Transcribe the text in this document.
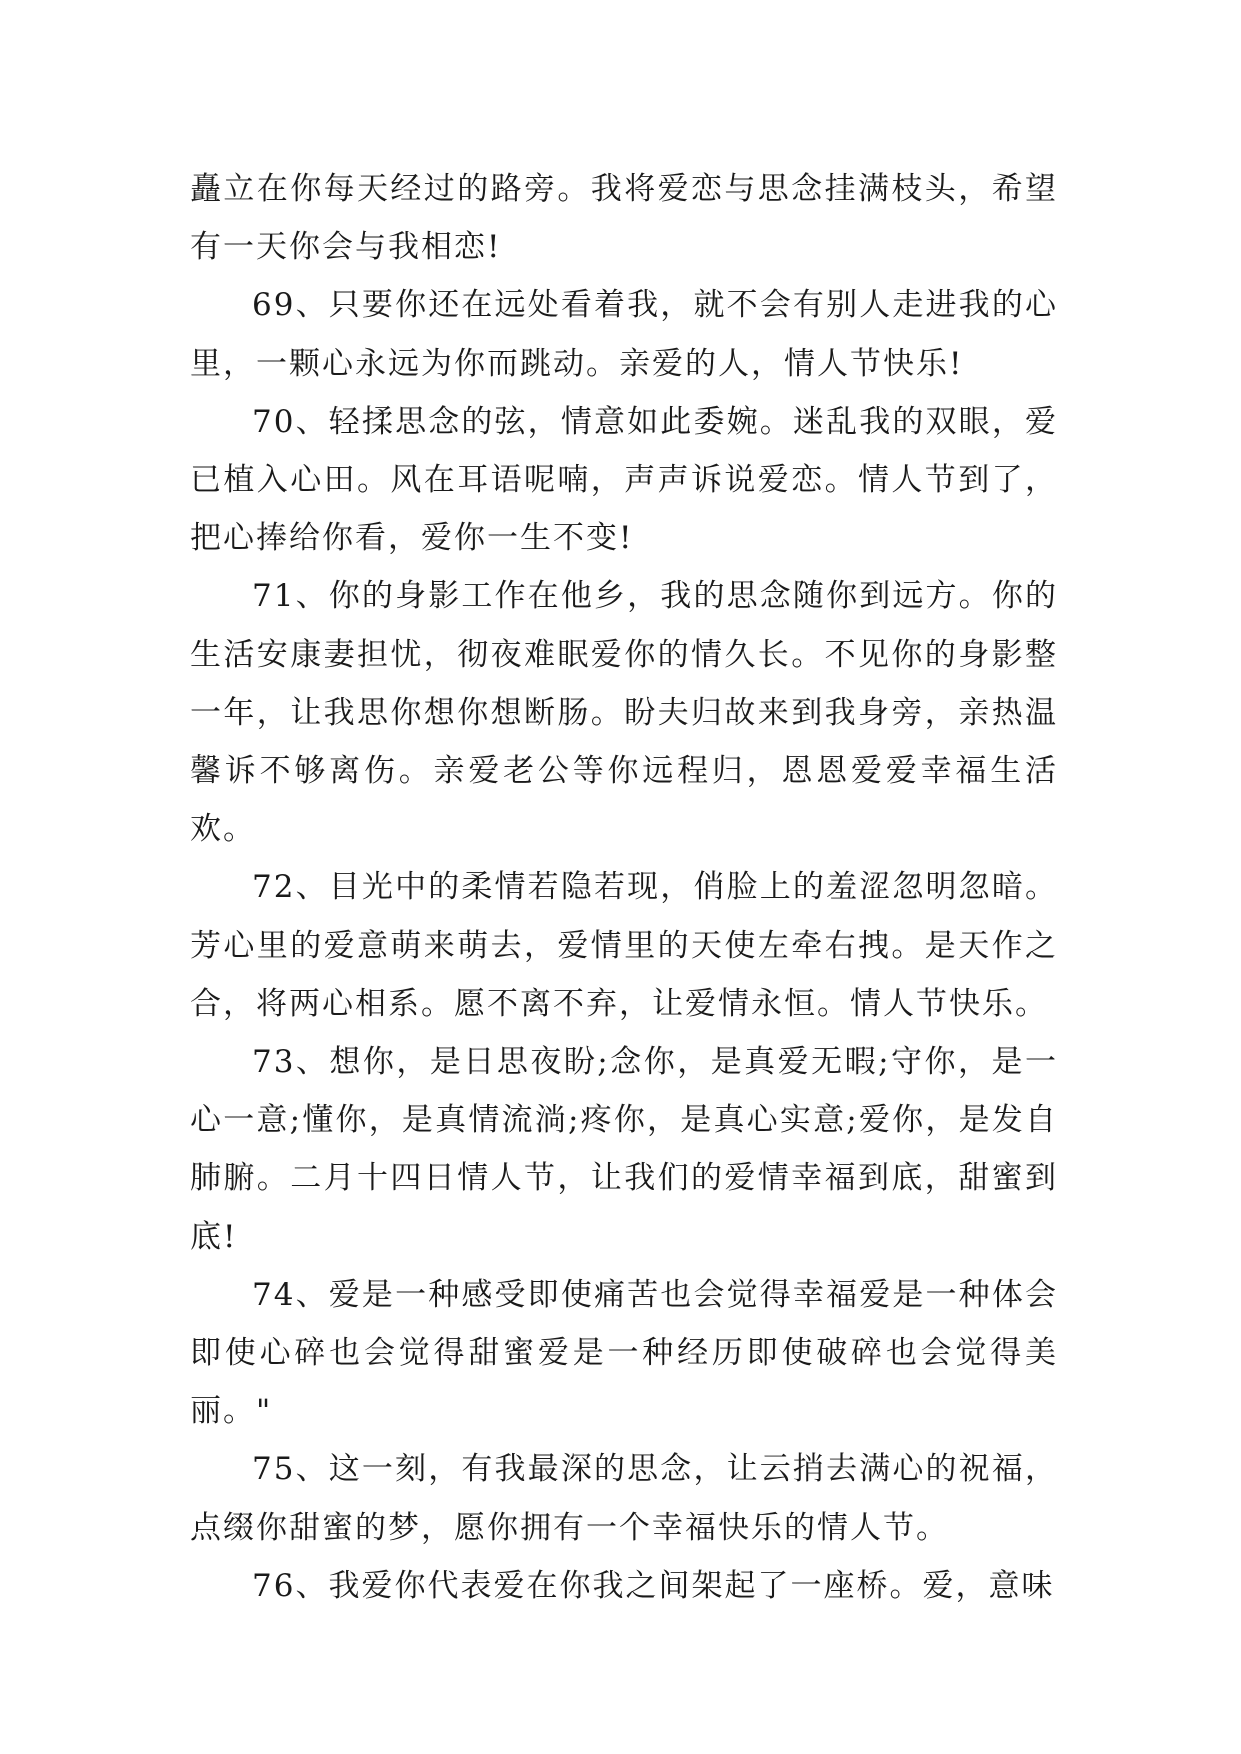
矗立在你每天经过的路旁。我将爱恋与思念挂满枝头，希望有一天你会与我相恋!

69、只要你还在远处看着我，就不会有别人走进我的心里，一颗心永远为你而跳动。亲爱的人，情人节快乐!

70、轻揉思念的弦，情意如此委婉。迷乱我的双眼，爱已植入心田。风在耳语呢喃，声声诉说爱恋。情人节到了，把心捧给你看，爱你一生不变!

71、你的身影工作在他乡，我的思念随你到远方。你的生活安康妻担忧，彻夜难眠爱你的情久长。不见你的身影整一年，让我思你想你想断肠。盼夫归故来到我身旁，亲热温馨诉不够离伤。亲爱老公等你远程归，恩恩爱爱幸福生活欢。

72、目光中的柔情若隐若现，俏脸上的羞涩忽明忽暗。芳心里的爱意萌来萌去，爱情里的天使左牵右拽。是天作之合，将两心相系。愿不离不弃，让爱情永恒。情人节快乐。

73、想你，是日思夜盼;念你，是真爱无暇;守你，是一心一意;懂你，是真情流淌;疼你，是真心实意;爱你，是发自肺腑。二月十四日情人节，让我们的爱情幸福到底，甜蜜到底!

74、爱是一种感受即使痛苦也会觉得幸福爱是一种体会即使心碎也会觉得甜蜜爱是一种经历即使破碎也会觉得美丽。"

75、这一刻，有我最深的思念，让云捎去满心的祝福，点缀你甜蜜的梦，愿你拥有一个幸福快乐的情人节。

76、我爱你代表爱在你我之间架起了一座桥。爱，意味
